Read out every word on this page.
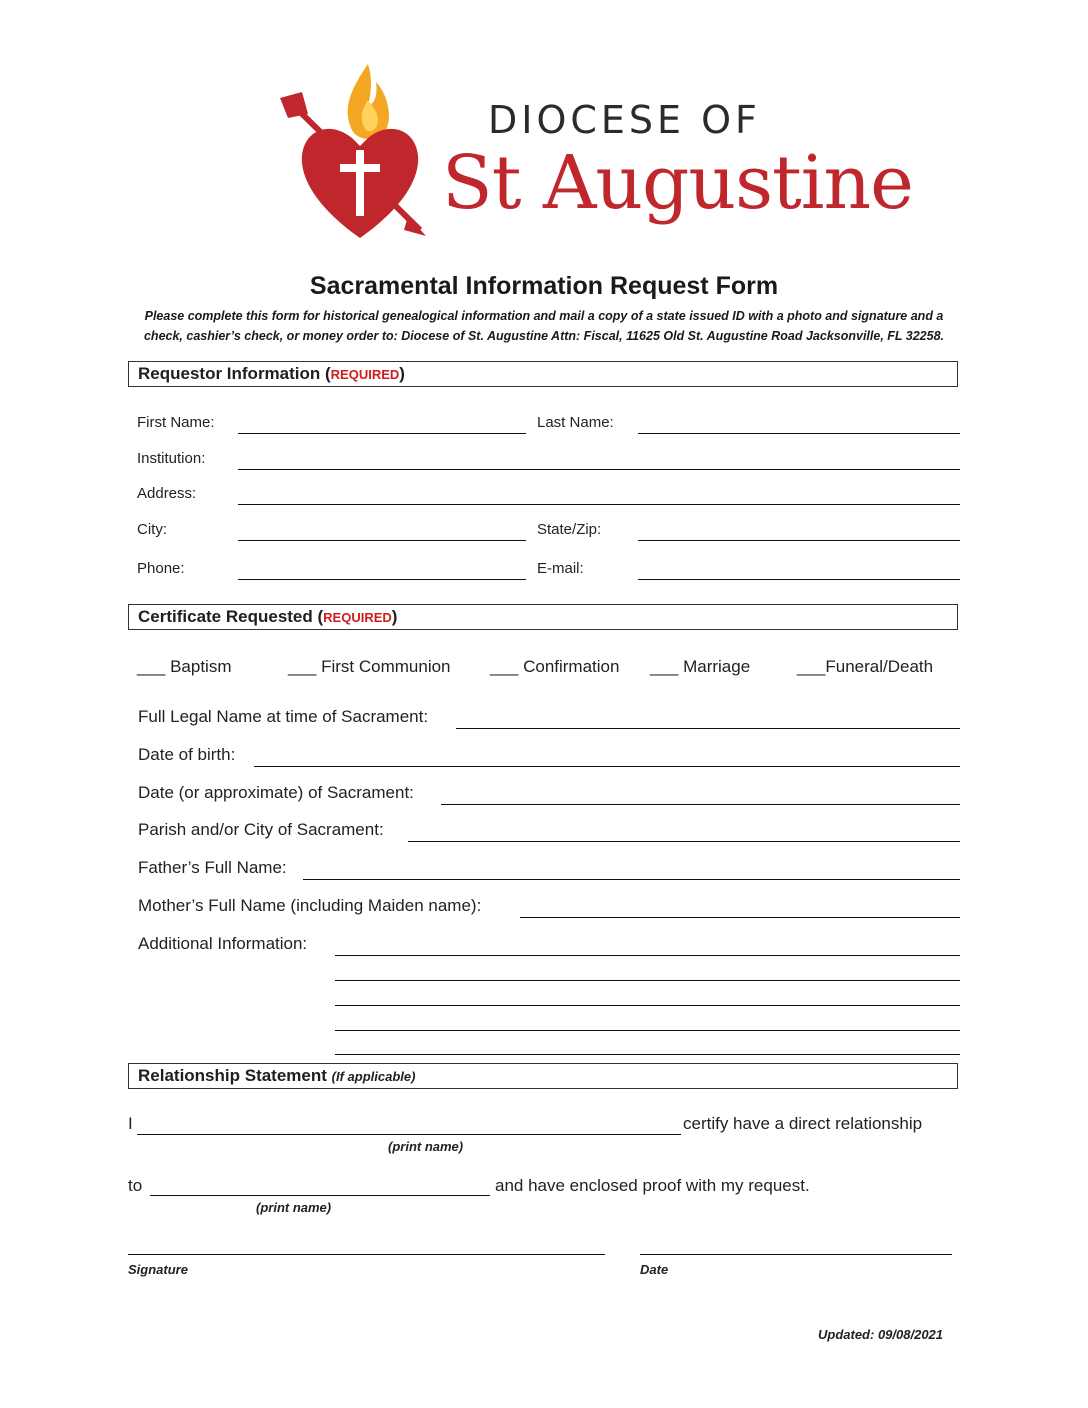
DIOCESE OF
St Augustine
Sacramental Information Request Form
Please complete this form for historical genealogical information and mail a copy of a state issued ID with a photo and signature and a
check, cashier’s check, or money order to: Diocese of St. Augustine Attn: Fiscal, 11625 Old St. Augustine Road Jacksonville, FL 32258.
Requestor Information (REQUIRED)
First Name:	Last Name:
Institution:
Address:
City:	State/Zip:
Phone:	E-mail:
Certificate Requested (REQUIRED)
___ Baptism	___ First Communion ___ Confirmation ___ Marriage	___Funeral/Death
Full Legal Name at time of Sacrament:
Date of birth:
Date (or approximate) of Sacrament:
Parish and/or City of Sacrament:
Father’s Full Name:
Mother’s Full Name (including Maiden name):
Additional Information:
Relationship Statement (If applicable)
I	certify have a direct relationship
(print name)
to	and have enclosed proof with my request.
(print name)
Signature	Date
Updated: 09/08/2021
